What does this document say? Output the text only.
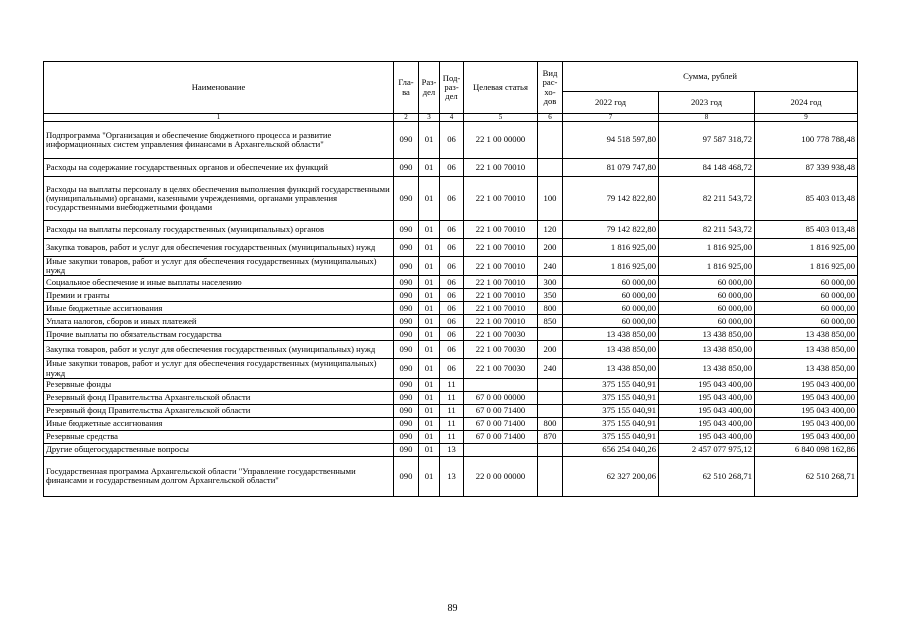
Наименование	Гла-ва	Раз-дел	Под-раз-дел	Целевая статья	Вид рас-хо-дов	Сумма, рублей		
						2022 год	2023 год	2024 год
1	2	3	4	5	6	7	8	9
Подпрограмма "Организация и обеспечение бюджетного процесса и развитие информационных систем управления финансами в Архангельской области"	090	01	06	22 1 00 00000		94 518 597,80	97 587 318,72	100 778 788,48
Расходы на содержание государственных органов и обеспечение их функций	090	01	06	22 1 00 70010		81 079 747,80	84 148 468,72	87 339 938,48
Расходы на выплаты персоналу в целях обеспечения выполнения функций государственными (муниципальными) органами, казенными учреждениями, органами управления государственными внебюджетными фондами	090	01	06	22 1 00 70010	100	79 142 822,80	82 211 543,72	85 403 013,48
Расходы на выплаты персоналу государственных (муниципальных) органов	090	01	06	22 1 00 70010	120	79 142 822,80	82 211 543,72	85 403 013,48
Закупка товаров, работ и услуг для обеспечения государственных (муниципальных) нужд	090	01	06	22 1 00 70010	200	1 816 925,00	1 816 925,00	1 816 925,00
Иные закупки товаров, работ и услуг для обеспечения государственных (муниципальных) нужд	090	01	06	22 1 00 70010	240	1 816 925,00	1 816 925,00	1 816 925,00
Социальное обеспечение и иные выплаты населению	090	01	06	22 1 00 70010	300	60 000,00	60 000,00	60 000,00
Премии и гранты	090	01	06	22 1 00 70010	350	60 000,00	60 000,00	60 000,00
Иные бюджетные ассигнования	090	01	06	22 1 00 70010	800	60 000,00	60 000,00	60 000,00
Уплата налогов, сборов и иных платежей	090	01	06	22 1 00 70010	850	60 000,00	60 000,00	60 000,00
Прочие выплаты по обязательствам государства	090	01	06	22 1 00 70030		13 438 850,00	13 438 850,00	13 438 850,00
Закупка товаров, работ и услуг для обеспечения государственных (муниципальных) нужд	090	01	06	22 1 00 70030	200	13 438 850,00	13 438 850,00	13 438 850,00
Иные закупки товаров, работ и услуг для обеспечения государственных (муниципальных) нужд	090	01	06	22 1 00 70030	240	13 438 850,00	13 438 850,00	13 438 850,00
Резервные фонды	090	01	11			375 155 040,91	195 043 400,00	195 043 400,00
Резервный фонд Правительства Архангельской области	090	01	11	67 0 00 00000		375 155 040,91	195 043 400,00	195 043 400,00
Резервный фонд Правительства Архангельской области	090	01	11	67 0 00 71400		375 155 040,91	195 043 400,00	195 043 400,00
Иные бюджетные ассигнования	090	01	11	67 0 00 71400	800	375 155 040,91	195 043 400,00	195 043 400,00
Резервные средства	090	01	11	67 0 00 71400	870	375 155 040,91	195 043 400,00	195 043 400,00
Другие общегосударственные вопросы	090	01	13			656 254 040,26	2 457 077 975,12	6 840 098 162,86
Государственная программа Архангельской области "Управление государственными финансами и государственным долгом Архангельской области"	090	01	13	22 0 00 00000		62 327 200,06	62 510 268,71	62 510 268,71
89
